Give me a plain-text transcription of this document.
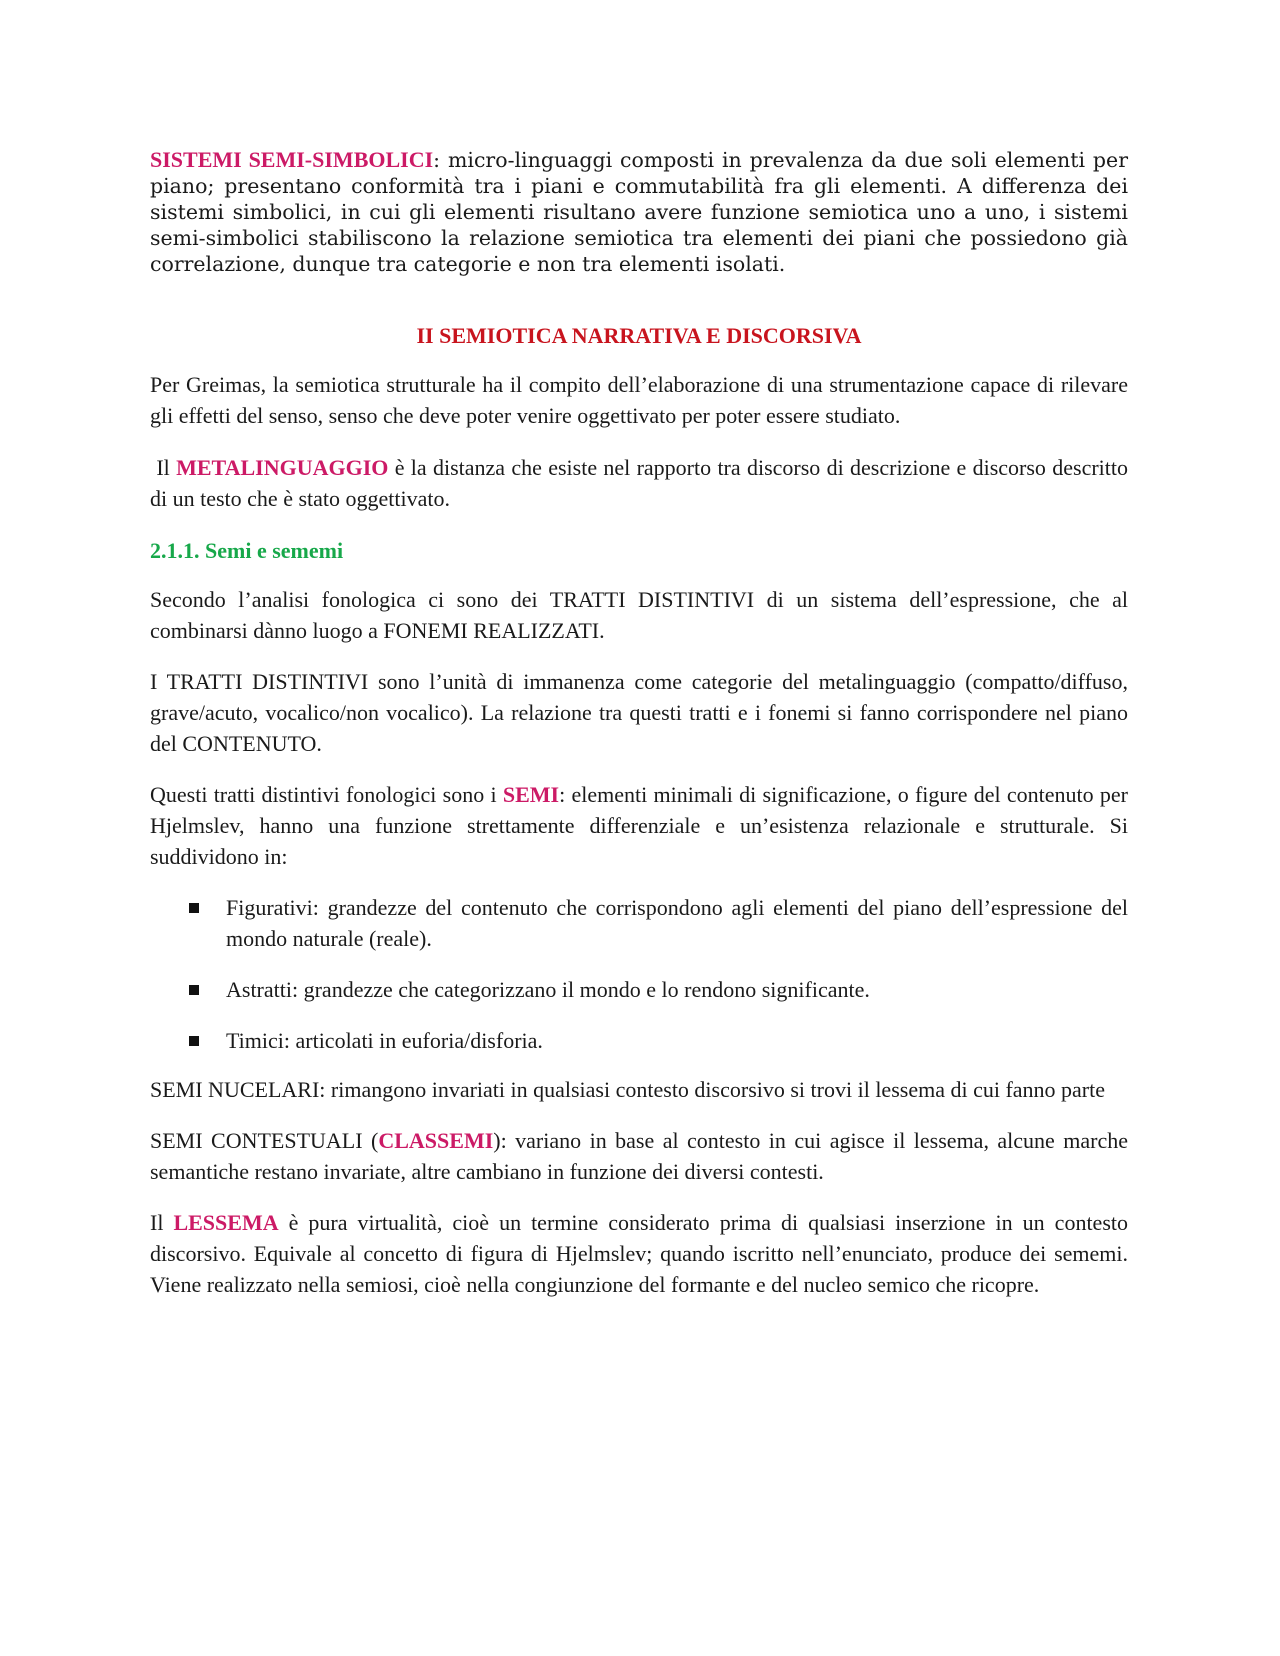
SISTEMI SEMI-SIMBOLICI: micro-linguaggi composti in prevalenza da due soli elementi per piano; presentano conformità tra i piani e commutabilità fra gli elementi. A differenza dei sistemi simbolici, in cui gli elementi risultano avere funzione semiotica uno a uno, i sistemi semi-simbolici stabiliscono la relazione semiotica tra elementi dei piani che possiedono già correlazione, dunque tra categorie e non tra elementi isolati.

II SEMIOTICA NARRATIVA E DISCORSIVA

Per Greimas, la semiotica strutturale ha il compito dell’elaborazione di una strumentazione capace di rilevare gli effetti del senso, senso che deve poter venire oggettivato per poter essere studiato.

Il METALINGUAGGIO è la distanza che esiste nel rapporto tra discorso di descrizione e discorso descritto di un testo che è stato oggettivato.

2.1.1. Semi e sememi

Secondo l’analisi fonologica ci sono dei TRATTI DISTINTIVI di un sistema dell’espressione, che al combinarsi dànno luogo a FONEMI REALIZZATI.

I TRATTI DISTINTIVI sono l’unità di immanenza come categorie del metalinguaggio (compatto/diffuso, grave/acuto, vocalico/non vocalico). La relazione tra questi tratti e i fonemi si fanno corrispondere nel piano del CONTENUTO.

Questi tratti distintivi fonologici sono i SEMI: elementi minimali di significazione, o figure del contenuto per Hjelmslev, hanno una funzione strettamente differenziale e un’esistenza relazionale e strutturale. Si suddividono in:

Figurativi: grandezze del contenuto che corrispondono agli elementi del piano dell’espressione del mondo naturale (reale).
Astratti: grandezze che categorizzano il mondo e lo rendono significante.
Timici: articolati in euforia/disforia.

SEMI NUCELARI: rimangono invariati in qualsiasi contesto discorsivo si trovi il lessema di cui fanno parte

SEMI CONTESTUALI (CLASSEMI): variano in base al contesto in cui agisce il lessema, alcune marche semantiche restano invariate, altre cambiano in funzione dei diversi contesti.

Il LESSEMA è pura virtualità, cioè un termine considerato prima di qualsiasi inserzione in un contesto discorsivo. Equivale al concetto di figura di Hjelmslev; quando iscritto nell’enunciato, produce dei sememi. Viene realizzato nella semiosi, cioè nella congiunzione del formante e del nucleo semico che ricopre.
